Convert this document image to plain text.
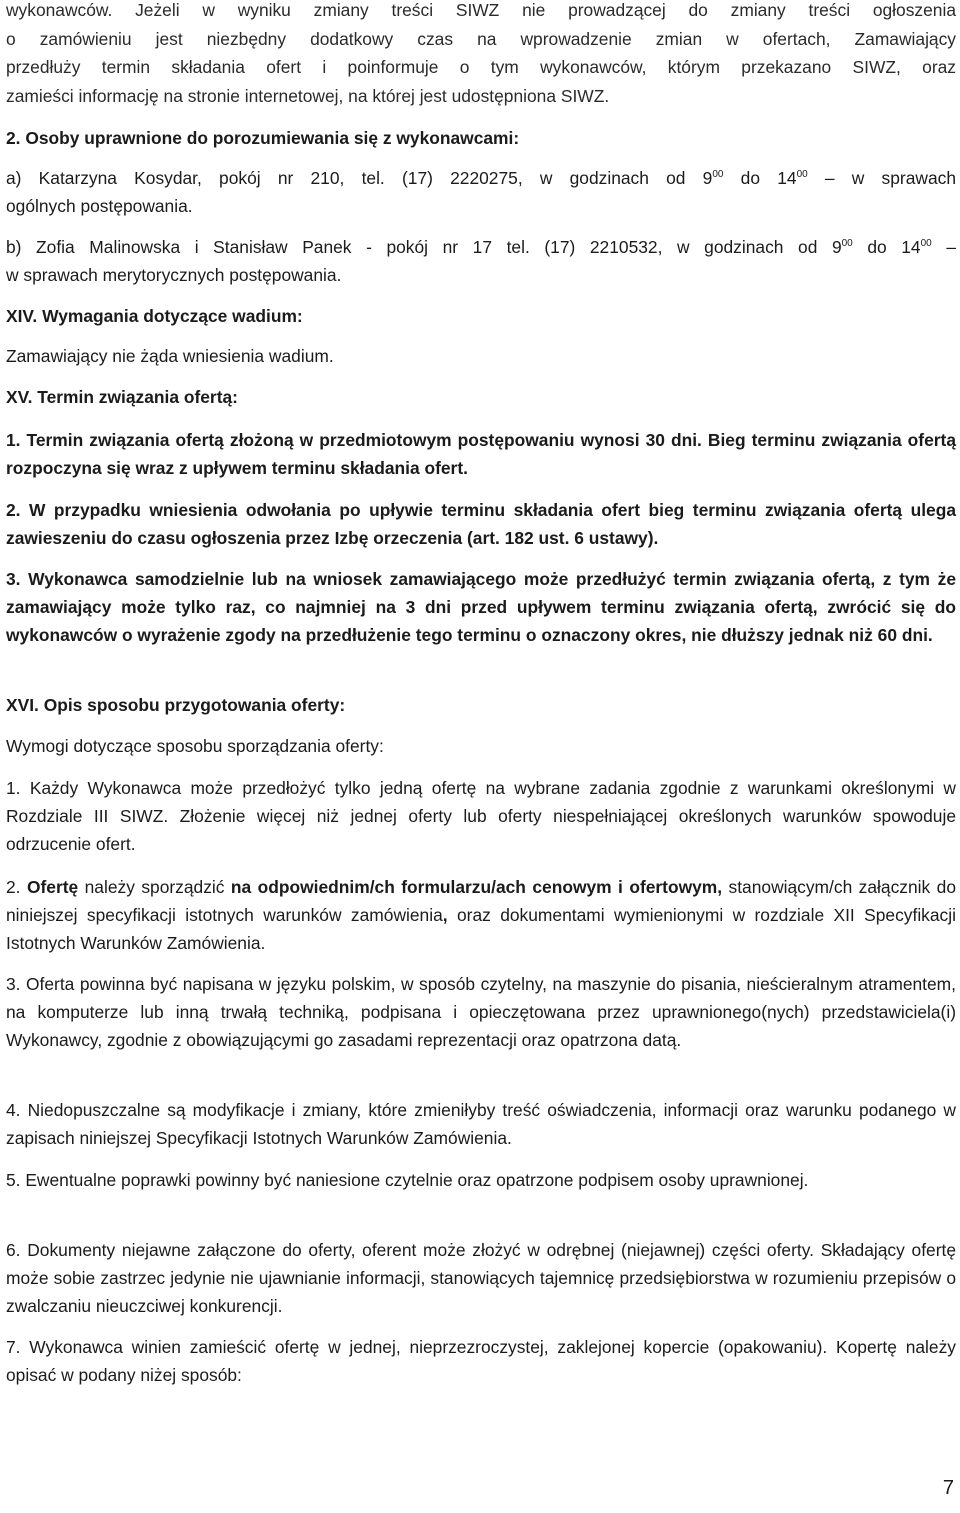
wykonawców. Jeżeli w wyniku zmiany treści SIWZ nie prowadzącej do zmiany treści ogłoszenia

o zamówieniu jest niezbędny dodatkowy czas na wprowadzenie zmian w ofertach, Zamawiający

przedłuży termin składania ofert i poinformuje o tym wykonawców, którym przekazano SIWZ, oraz

zamieści informację na stronie internetowej, na której jest udostępniona SIWZ.

2. Osoby uprawnione do porozumiewania się z wykonawcami:

a) Katarzyna Kosydar, pokój nr 210, tel. (17) 2220275, w godzinach od $9^{00}$ do $14^{00}$ – w sprawach

ogólnych postępowania.

b) Zofia Malinowska i Stanisław Panek - pokój nr 17 tel. (17) 2210532, w godzinach od $9^{00}$ do $14^{00}$ –

w sprawach merytorycznych postępowania.

XIV. Wymagania dotyczące wadium:

Zamawiający nie żąda wniesienia wadium.

XV. Termin związania ofertą:

1. Termin związania ofertą złożoną w przedmiotowym postępowaniu wynosi 30 dni. Bieg terminu związania ofertą rozpoczyna się wraz z upływem terminu składania ofert.

2. W przypadku wniesienia odwołania po upływie terminu składania ofert bieg terminu związania ofertą ulega zawieszeniu do czasu ogłoszenia przez Izbę orzeczenia (art. 182 ust. 6 ustawy).

3. Wykonawca samodzielnie lub na wniosek zamawiającego może przedłużyć termin związania ofertą, z tym że zamawiający może tylko raz, co najmniej na 3 dni przed upływem terminu związania ofertą, zwrócić się do wykonawców o wyrażenie zgody na przedłużenie tego terminu o oznaczony okres, nie dłuższy jednak niż 60 dni.

XVI. Opis sposobu przygotowania oferty:

Wymogi dotyczące sposobu sporządzania oferty:

1. Każdy Wykonawca może przedłożyć tylko jedną ofertę na wybrane zadania zgodnie z warunkami określonymi w Rozdziale III SIWZ. Złożenie więcej niż jednej oferty lub oferty niespełniającej określonych warunków spowoduje odrzucenie ofert.

2. Ofertę należy sporządzić na odpowiednim/ch formularzu/ach cenowym i ofertowym, stanowiącym/ch załącznik do niniejszej specyfikacji istotnych warunków zamówienia, oraz dokumentami wymienionymi w rozdziale XII Specyfikacji Istotnych Warunków Zamówienia.

3. Oferta powinna być napisana w języku polskim, w sposób czytelny, na maszynie do pisania, nieścieralnym atramentem, na komputerze lub inną trwałą techniką, podpisana i opieczętowana przez uprawnionego(nych) przedstawiciela(i) Wykonawcy, zgodnie z obowiązującymi go zasadami reprezentacji oraz opatrzona datą.

4. Niedopuszczalne są modyfikacje i zmiany, które zmieniłyby treść oświadczenia, informacji oraz warunku podanego w zapisach niniejszej Specyfikacji Istotnych Warunków Zamówienia.

5. Ewentualne poprawki powinny być naniesione czytelnie oraz opatrzone podpisem osoby uprawnionej.

6. Dokumenty niejawne załączone do oferty, oferent może złożyć w odrębnej (niejawnej) części oferty. Składający ofertę może sobie zastrzec jedynie nie ujawnianie informacji, stanowiących tajemnicę przedsiębiorstwa w rozumieniu przepisów o zwalczaniu nieuczciwej konkurencji.

7. Wykonawca winien zamieścić ofertę w jednej, nieprzezroczystej, zaklejonej kopercie (opakowaniu). Kopertę należy opisać w podany niżej sposób:

7
